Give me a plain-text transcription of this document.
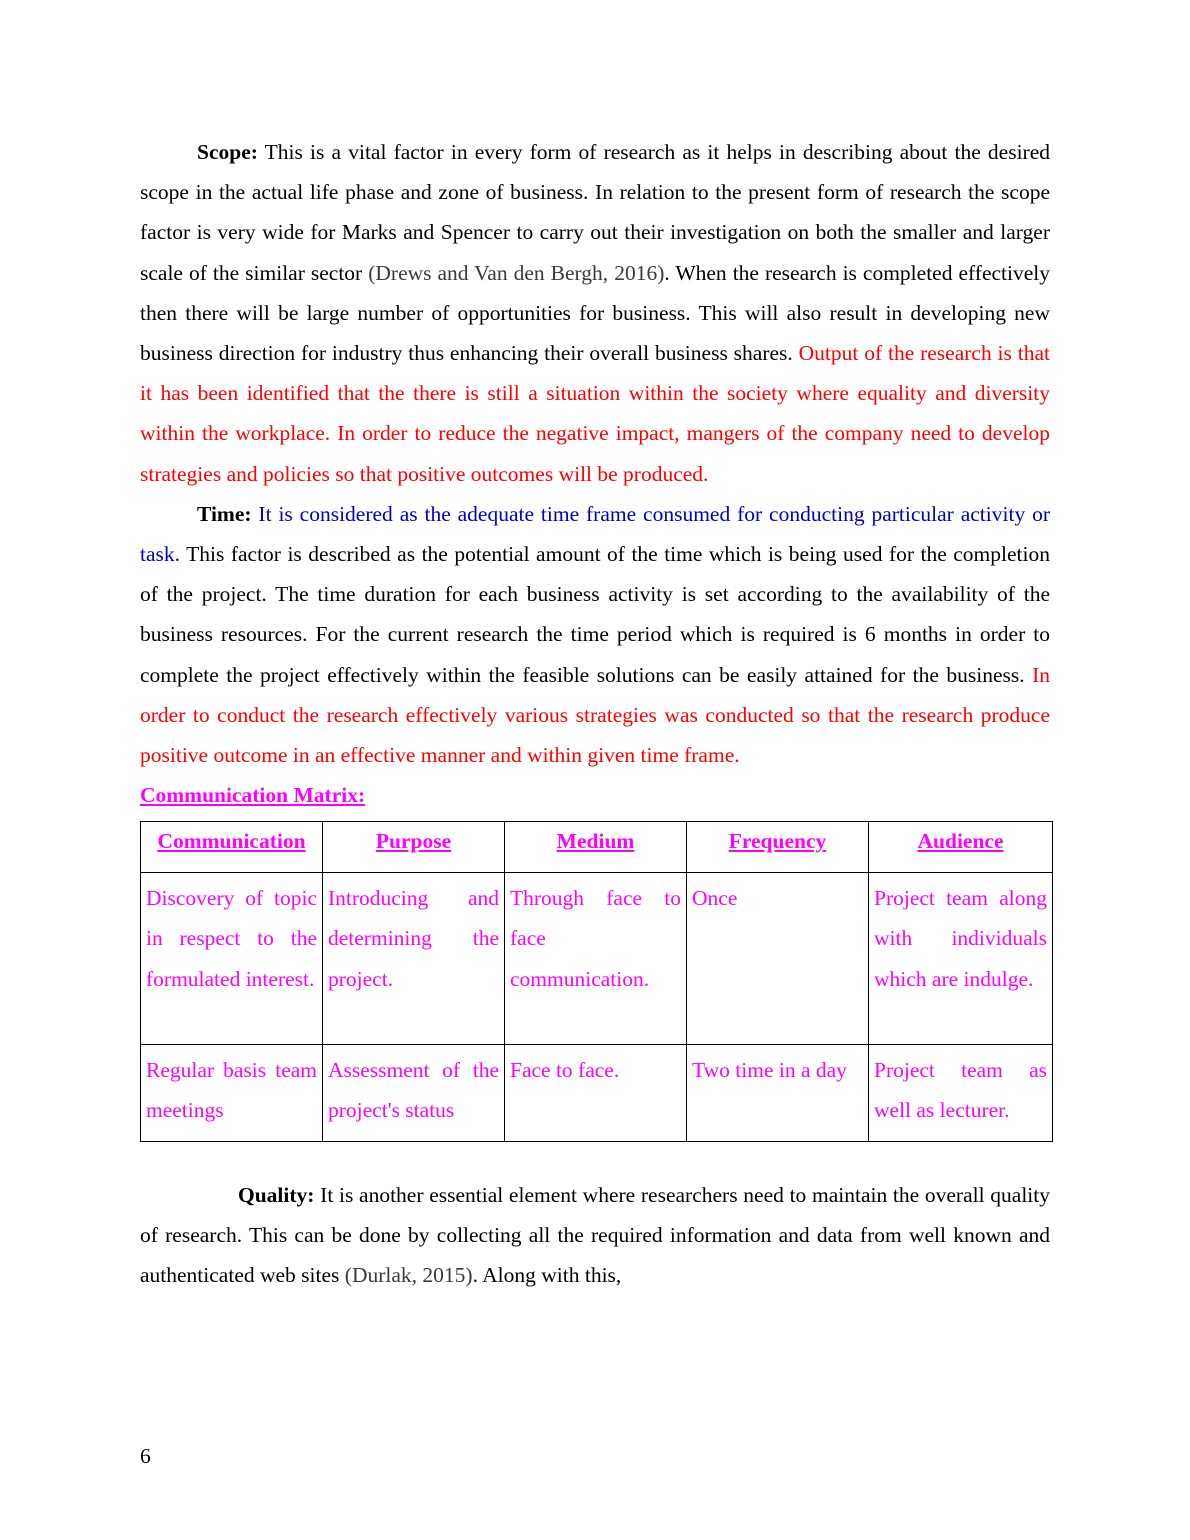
Scope: This is a vital factor in every form of research as it helps in describing about the desired scope in the actual life phase and zone of business. In relation to the present form of research the scope factor is very wide for Marks and Spencer to carry out their investigation on both the smaller and larger scale of the similar sector (Drews and Van den Bergh, 2016). When the research is completed effectively then there will be large number of opportunities for business. This will also result in developing new business direction for industry thus enhancing their overall business shares. Output of the research is that it has been identified that the there is still a situation within the society where equality and diversity within the workplace. In order to reduce the negative impact, mangers of the company need to develop strategies and policies so that positive outcomes will be produced.

Time: It is considered as the adequate time frame consumed for conducting particular activity or task. This factor is described as the potential amount of the time which is being used for the completion of the project. The time duration for each business activity is set according to the availability of the business resources. For the current research the time period which is required is 6 months in order to complete the project effectively within the feasible solutions can be easily attained for the business. In order to conduct the research effectively various strategies was conducted so that the research produce positive outcome in an effective manner and within given time frame.

Communication Matrix:

Communication	Purpose	Medium	Frequency	Audience
Discovery of topic in respect to the formulated interest.	Introducing and determining the project.	Through face to face communication.	Once	Project team along with individuals which are indulge.
Regular basis team meetings	Assessment of the project's status	Face to face.	Two time in a day	Project team as well as lecturer.

Quality: It is another essential element where researchers need to maintain the overall quality of research. This can be done by collecting all the required information and data from well known and authenticated web sites (Durlak, 2015). Along with this,

6
